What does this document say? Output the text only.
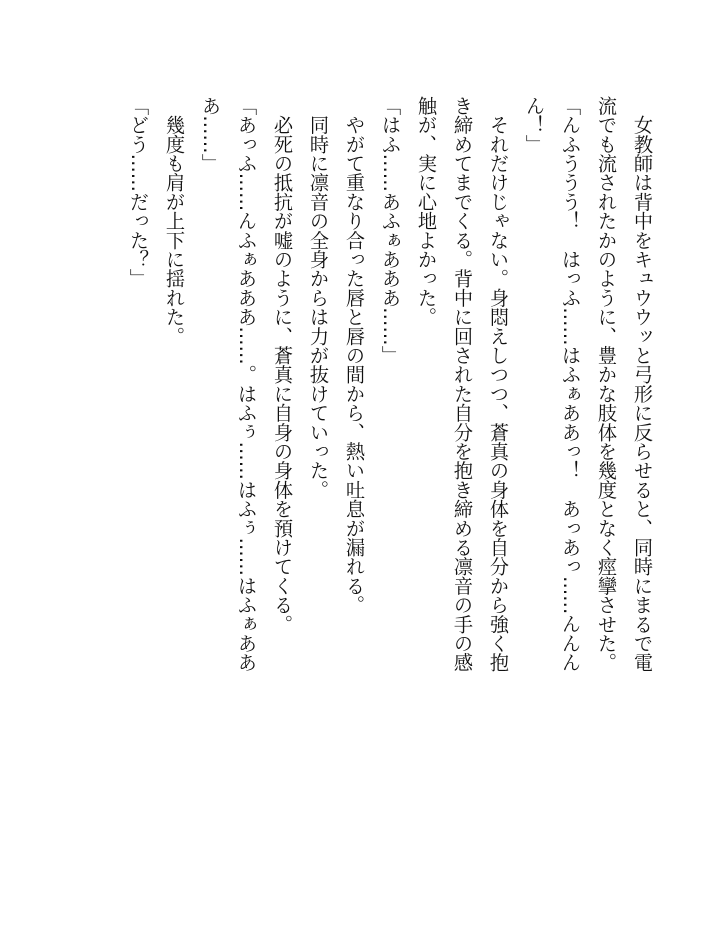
　女教師は背中をキュウウッと弓形に反らせると、同時にまるで電流でも流されたかのように、豊かな肢体を幾度となく痙攣させた。

「んふううう！　はっふ……はふぁああっ！　あっあっ……んんんん！」

　それだけじゃない。身悶えしつつ、蒼真の身体を自分から強く抱き締めてまでくる。背中に回された自分を抱き締める凛音の手の感触が、実に心地よかった。

「はふ……あふぁあああ……」

　やがて重なり合った唇と唇の間から、熱い吐息が漏れる。

　同時に凛音の全身からは力が抜けていった。

　必死の抵抗が嘘のように、蒼真に自身の身体を預けてくる。

「あっふ……んふぁあああ……。はふぅ……はふぅ……はふぁあああ……」

　幾度も肩が上下に揺れた。

「どう……だった？」
